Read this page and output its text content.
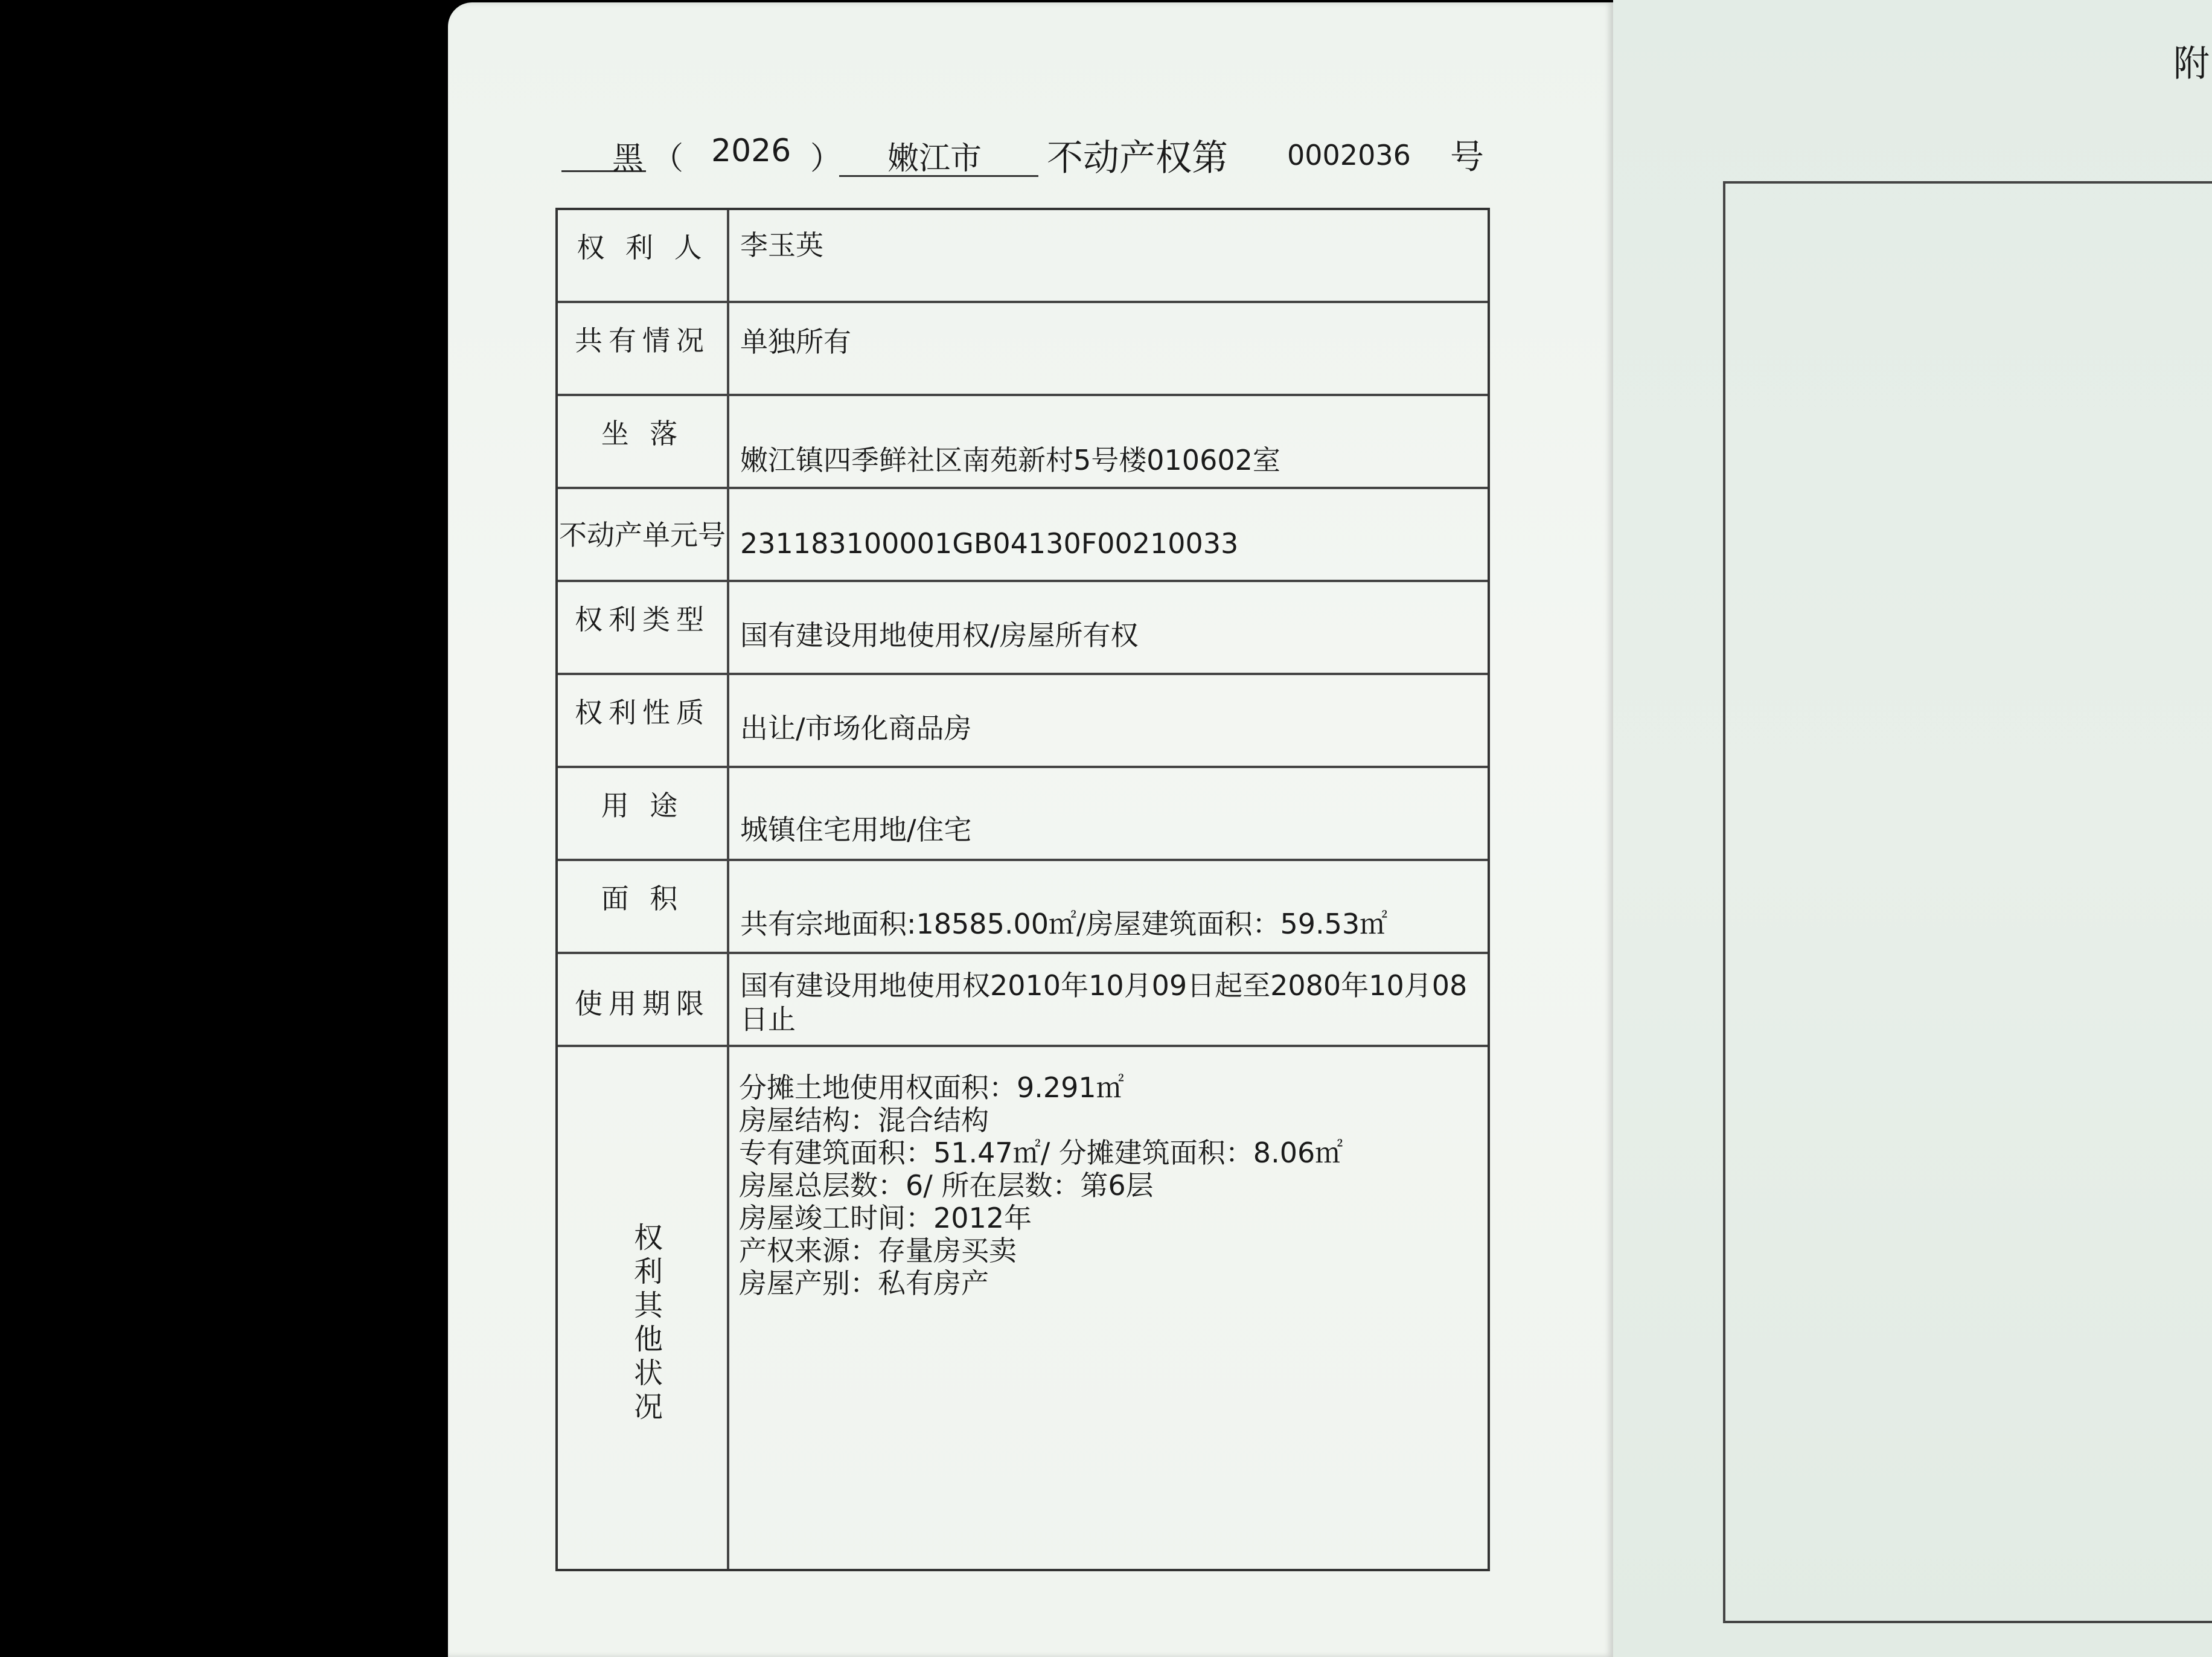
附
黑 （ 2026 ） 嫩江市 不动产权第 0002036 号
权 利 人 李玉英
共有情况 单独所有
坐 落
嫩江镇四季鲜社区南苑新村5号楼010602室
不动产单元号 231183100001GB04130F00210033
权利类型 国有建设用地使用权/房屋所有权
权利性质 出让/市场化商品房
用 途
城镇住宅用地/住宅
面 积
共有宗地面积:18585.00㎡/房屋建筑面积：59.53㎡
使用期限
国有建设用地使用权2010年10月09日起至2080年10月08日止
权
利
其
他
状
况
分摊土地使用权面积：9.291㎡
房屋结构：混合结构
专有建筑面积：51.47㎡/ 分摊建筑面积：8.06㎡
房屋总层数：6/ 所在层数：第6层
房屋竣工时间：2012年
产权来源：存量房买卖
房屋产别：私有房产
